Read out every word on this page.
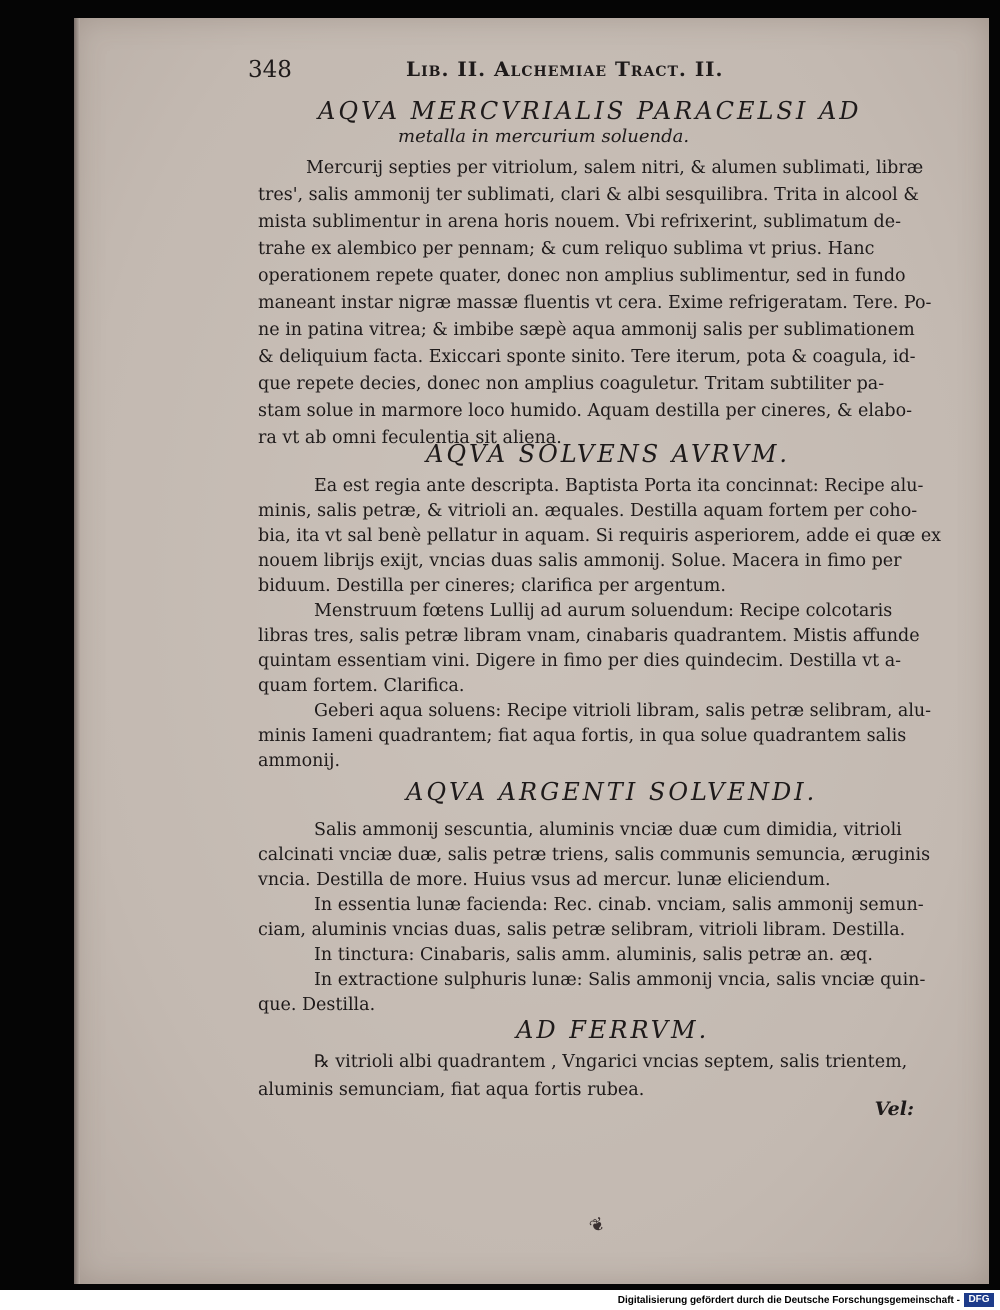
348	Lib. II. Alchemiae Tract. II.
AQVA MERCVRIALIS PARACELSI AD
metalla in mercurium soluenda.
Mercurij septies per vitriolum, salem nitri, & alumen sublimati, libræ
tres', salis ammonij ter sublimati, clari & albi sesquilibra. Trita in alcool &
mista sublimentur in arena horis nouem. Vbi refrixerint, sublimatum de-
trahe ex alembico per pennam; & cum reliquo sublima vt prius. Hanc
operationem repete quater, donec non amplius sublimentur, sed in fundo
maneant instar nigræ massæ fluentis vt cera. Exime refrigeratam. Tere. Po-
ne in patina vitrea; & imbibe sæpè aqua ammonij salis per sublimationem
& deliquium facta. Exiccari sponte sinito. Tere iterum, pota & coagula, id-
que repete decies, donec non amplius coaguletur. Tritam subtiliter pa-
stam solue in marmore loco humido. Aquam destilla per cineres, & elabo-
ra vt ab omni feculentia sit aliena.
AQVA SOLVENS AVRVM.
Ea est regia ante descripta. Baptista Porta ita concinnat: Recipe alu-
minis, salis petræ, & vitrioli an. æquales. Destilla aquam fortem per coho-
bia, ita vt sal benè pellatur in aquam. Si requiris asperiorem, adde ei quæ ex
nouem librijs exijt, vncias duas salis ammonij. Solue. Macera in fimo per
biduum. Destilla per cineres; clarifica per argentum.
Menstruum fœtens Lullij ad aurum soluendum: Recipe colcotaris
libras tres, salis petræ libram vnam, cinabaris quadrantem. Mistis affunde
quintam essentiam vini. Digere in fimo per dies quindecim. Destilla vt a-
quam fortem. Clarifica.
Geberi aqua soluens: Recipe vitrioli libram, salis petræ selibram, alu-
minis Iameni quadrantem; fiat aqua fortis, in qua solue quadrantem salis
ammonij.
AQVA ARGENTI SOLVENDI.
Salis ammonij sescuntia, aluminis vnciæ duæ cum dimidia, vitrioli
calcinati vnciæ duæ, salis petræ triens, salis communis semuncia, æruginis
vncia. Destilla de more. Huius vsus ad mercur. lunæ eliciendum.
In essentia lunæ facienda: Rec. cinab. vnciam, salis ammonij semun-
ciam, aluminis vncias duas, salis petræ selibram, vitrioli libram. Destilla.
In tinctura: Cinabaris, salis amm. aluminis, salis petræ an. æq.
In extractione sulphuris lunæ: Salis ammonij vncia, salis vnciæ quin-
que. Destilla.
AD FERRVM.
℞ vitrioli albi quadrantem , Vngarici vncias septem, salis trientem,
aluminis semunciam, fiat aqua fortis rubea.
Vel:
❦
Digitalisierung gefördert durch die Deutsche Forschungsgemeinschaft - DFG
